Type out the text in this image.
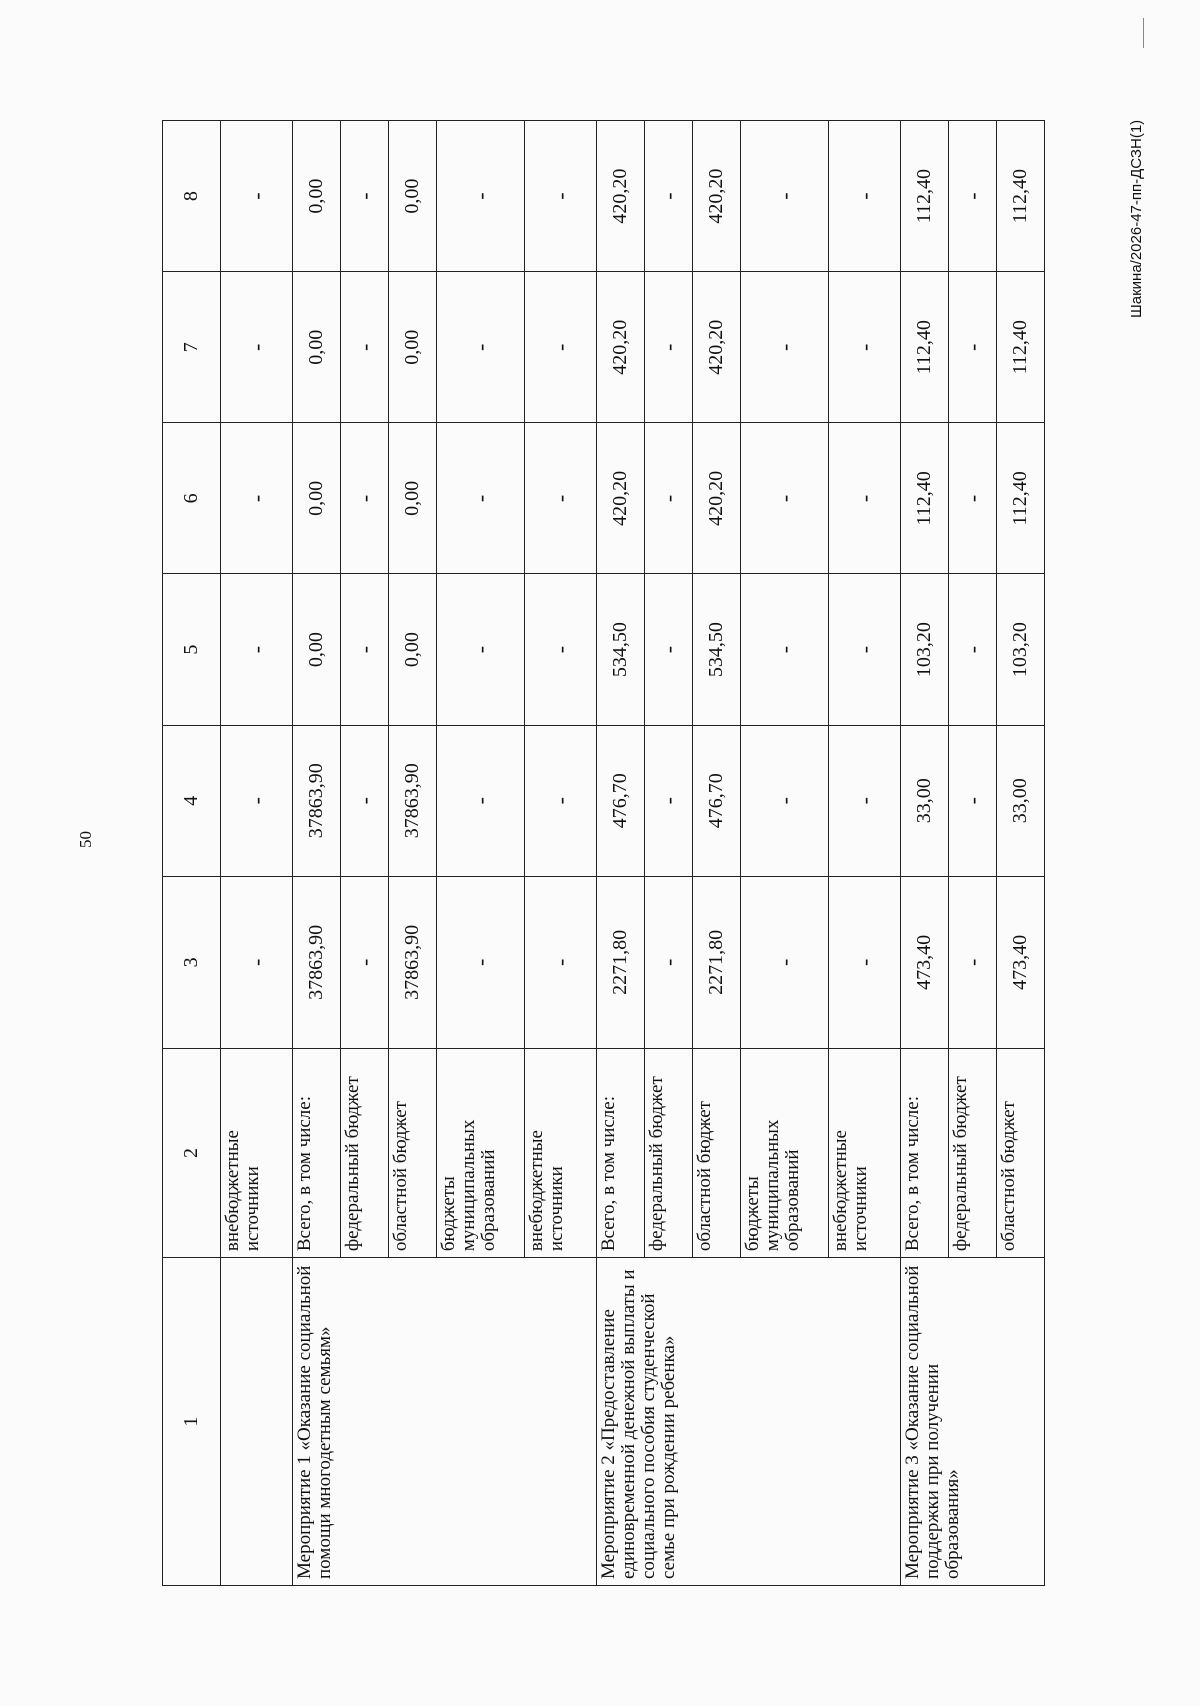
50
Шакина/2026-47-пп-ДСЗН(1)
1	2	3	4	5	6	7	8
	внебюджетные источники	-	-	-	-	-	-
Мероприятие 1 «Оказание социальной помощи многодетным семьям»	Всего, в том числе:	37863,90	37863,90	0,00	0,00	0,00	0,00
	федеральный бюджет	-	-	-	-	-	-
	областной бюджет	37863,90	37863,90	0,00	0,00	0,00	0,00
	бюджеты муниципальных образований	-	-	-	-	-	-
	внебюджетные источники	-	-	-	-	-	-
Мероприятие 2 «Предоставление единовременной денежной выплаты и социального пособия студенческой семье при рождении ребенка»	Всего, в том числе:	2271,80	476,70	534,50	420,20	420,20	420,20
	федеральный бюджет	-	-	-	-	-	-
	областной бюджет	2271,80	476,70	534,50	420,20	420,20	420,20
	бюджеты муниципальных образований	-	-	-	-	-	-
	внебюджетные источники	-	-	-	-	-	-
Мероприятие 3 «Оказание социальной поддержки при получении образования»	Всего, в том числе:	473,40	33,00	103,20	112,40	112,40	112,40
	федеральный бюджет	-	-	-	-	-	-
	областной бюджет	473,40	33,00	103,20	112,40	112,40	112,40
